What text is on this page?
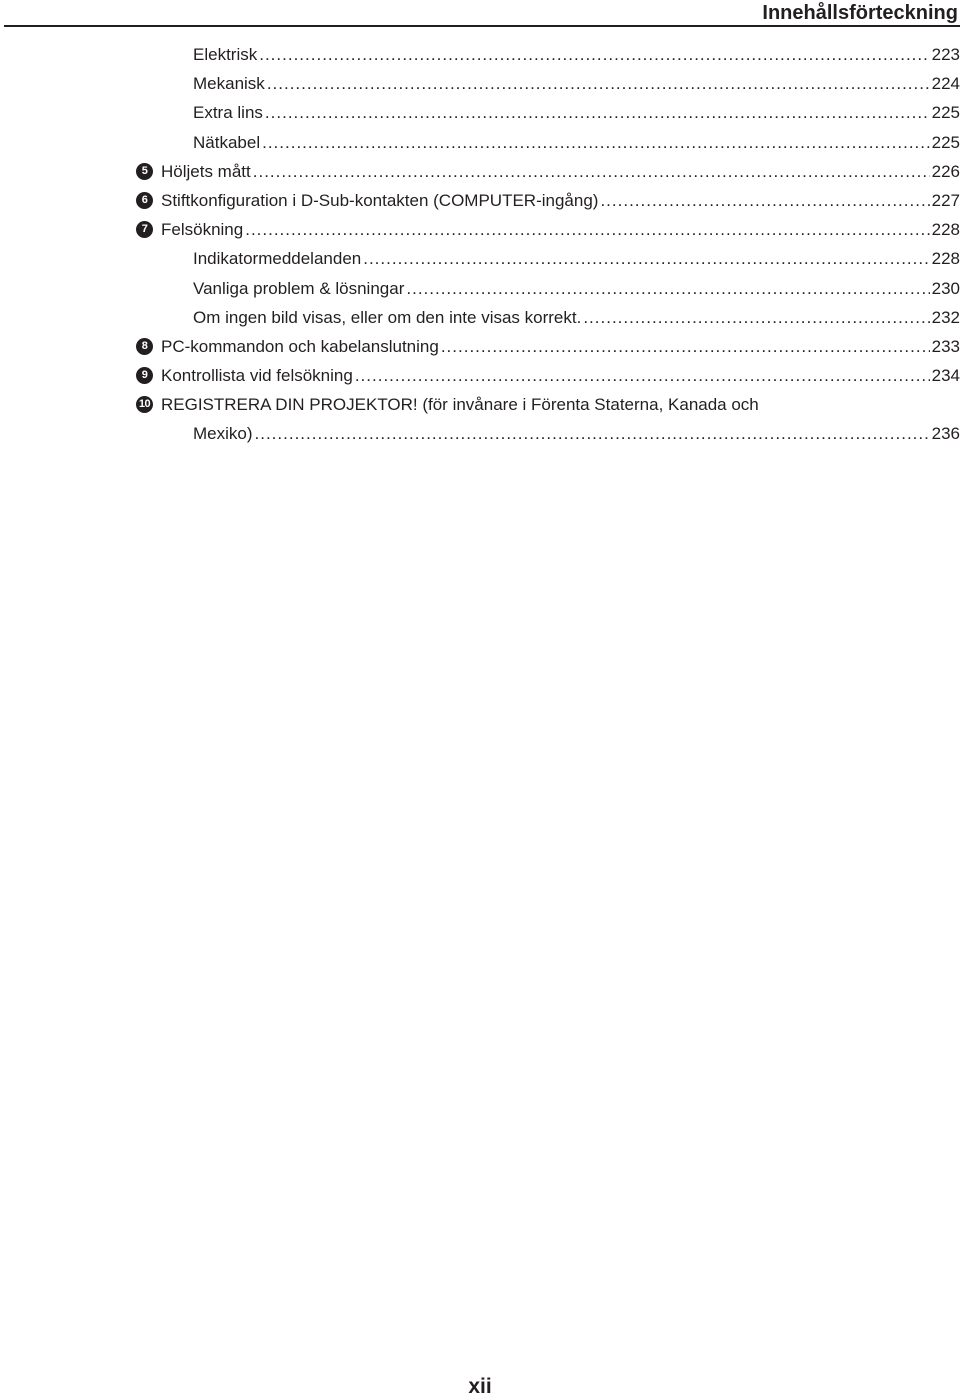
Innehållsförteckning
Elektrisk .....	223
Mekanisk .....	224
Extra lins .....	225
Nätkabel .....	225
5 Höljets mått .....	226
6 Stiftkonfiguration i D-Sub-kontakten (COMPUTER-ingång) .....	227
7 Felsökning .....	228
Indikatormeddelanden .....	228
Vanliga problem & lösningar .....	230
Om ingen bild visas, eller om den inte visas korrekt. .....	232
8 PC-kommandon och kabelanslutning .....	233
9 Kontrollista vid felsökning .....	234
10 REGISTRERA DIN PROJEKTOR! (för invånare i Förenta Staterna, Kanada och
Mexiko) .....	236
xii
